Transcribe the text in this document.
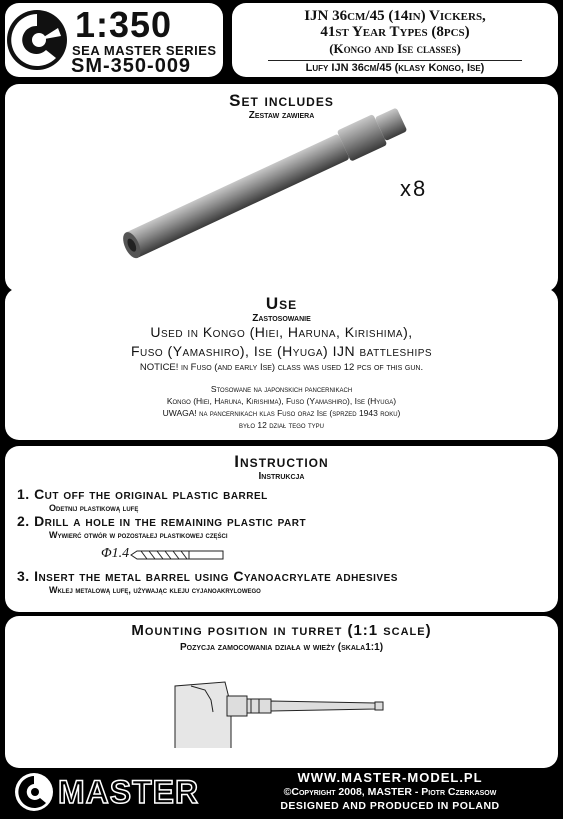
1:350
SEA MASTER SERIES
SM-350-009
IJN 36cm/45 (14in) Vickers,
41st Year Types (8pcs)
(Kongo and Ise classes)
Lufy IJN 36cm/45 (klasy Kongo, Ise)
Set includes
Zestaw zawiera
x8
Use
Zastosowanie
Used in Kongo (Hiei, Haruna, Kirishima),
Fuso (Yamashiro), Ise (Hyuga) IJN battleships
NOTICE! in Fuso (and early Ise) class was used 12 pcs of this gun.
Stosowane na japonskich pancernikach
Kongo (Hiei, Haruna, Kirishima), Fuso (Yamashiro), Ise (Hyuga)
UWAGA! na pancernikach klas Fuso oraz Ise (sprzed 1943 roku)
było 12 dział tego typu
Instruction
Instrukcja
1. Cut off the original plastic barrel
Odetnij plastikową lufę
2. Drill a hole in the remaining plastic part
Wywierć otwór w pozostałej plastikowej części
Φ1.4
3. Insert the metal barrel using Cyanoacrylate adhesives
Wklej metalową lufę, używając kleju cyjanoakrylowego
Mounting position in turret (1:1 scale)
Pozycja zamocowania działa w wieży (skala1:1)
MASTER	WWW.MASTER-MODEL.PL
©Copyright 2008, MASTER - Piotr Czerkasow
DESIGNED AND PRODUCED IN POLAND
